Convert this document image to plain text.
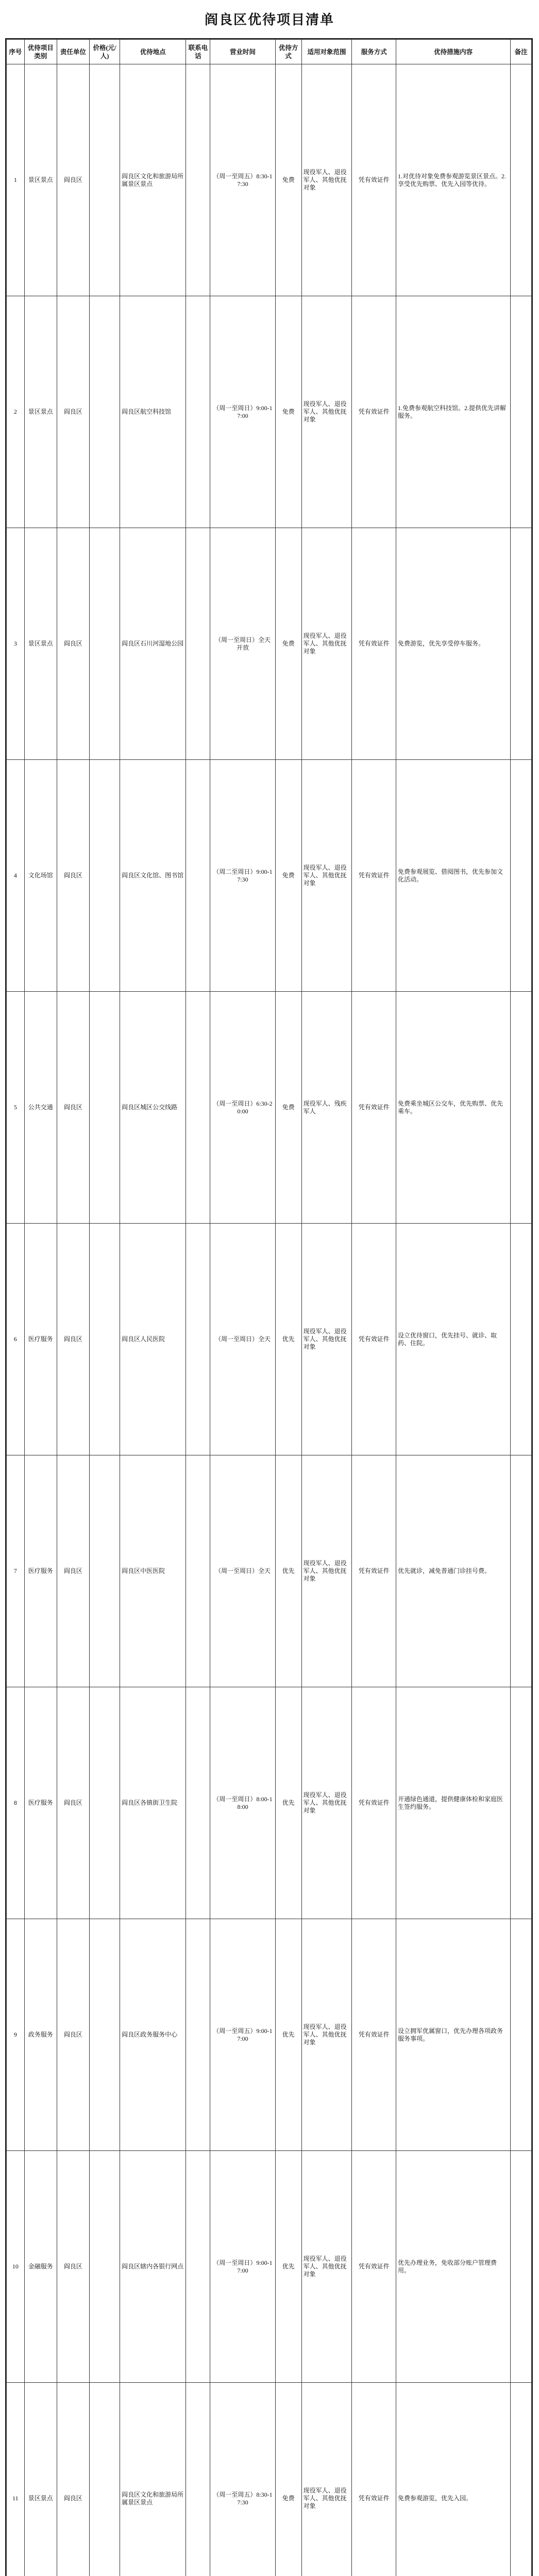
阎良区优待项目清单
序号	优待项目类别	责任单位	价格(元/人)	优待地点	联系电话	营业时间	优待方式	适用对象范围	服务方式	优待措施内容	备注
1	景区景点	阎良区		阎良区文化和旅游局所属景区景点		（周一至周五）8:30-17:30	免费	现役军人、退役军人、其他优抚对象	凭有效证件	1.对优待对象免费参观游览景区景点。2.享受优先购票、优先入园等优待。	
2	景区景点	阎良区		阎良区航空科技馆		（周一至周日）9:00-17:00	免费	现役军人、退役军人、其他优抚对象	凭有效证件	1.免费参观航空科技馆。2.提供优先讲解服务。	
3	景区景点	阎良区		阎良区石川河湿地公园		（周一至周日）全天开放	免费	现役军人、退役军人、其他优抚对象	凭有效证件	免费游览，优先享受停车服务。	
4	文化场馆	阎良区		阎良区文化馆、图书馆		（周二至周日）9:00-17:30	免费	现役军人、退役军人、其他优抚对象	凭有效证件	免费参观展览、借阅图书，优先参加文化活动。	
5	公共交通	阎良区		阎良区城区公交线路		（周一至周日）6:30-20:00	免费	现役军人、残疾军人	凭有效证件	免费乘坐城区公交车，优先购票、优先乘车。	
6	医疗服务	阎良区		阎良区人民医院		（周一至周日）全天	优先	现役军人、退役军人、其他优抚对象	凭有效证件	设立优待窗口，优先挂号、就诊、取药、住院。	
7	医疗服务	阎良区		阎良区中医医院		（周一至周日）全天	优先	现役军人、退役军人、其他优抚对象	凭有效证件	优先就诊，减免普通门诊挂号费。	
8	医疗服务	阎良区		阎良区各镇街卫生院		（周一至周日）8:00-18:00	优先	现役军人、退役军人、其他优抚对象	凭有效证件	开通绿色通道，提供健康体检和家庭医生签约服务。	
9	政务服务	阎良区		阎良区政务服务中心		（周一至周五）9:00-17:00	优先	现役军人、退役军人、其他优抚对象	凭有效证件	设立拥军优属窗口，优先办理各项政务服务事项。	
10	金融服务	阎良区		阎良区辖内各银行网点		（周一至周日）9:00-17:00	优先	现役军人、退役军人、其他优抚对象	凭有效证件	优先办理业务，免收部分账户管理费用。	
11	景区景点	阎良区		阎良区文化和旅游局所属景区景点		（周一至周五）8:30-17:30	免费	现役军人、退役军人、其他优抚对象	凭有效证件	免费参观游览，优先入园。	
